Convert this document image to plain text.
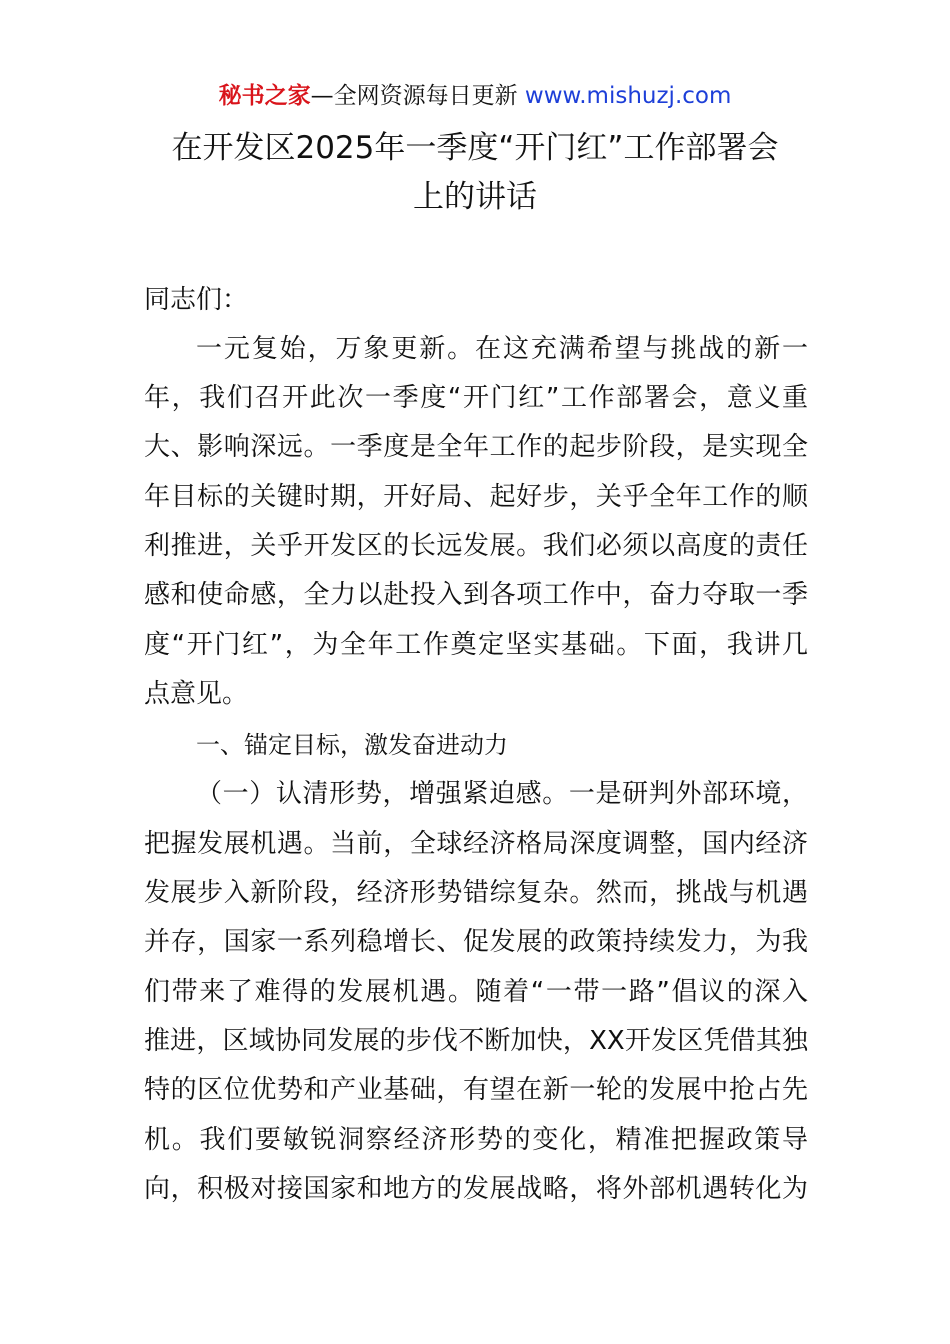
秘书之家—全网资源每日更新 www.mishuzj.com
在开发区2025年一季度“开门红”工作部署会
上的讲话
同志们：
一元复始，万象更新。在这充满希望与挑战的新一
年，我们召开此次一季度“开门红”工作部署会，意义重
大、影响深远。一季度是全年工作的起步阶段，是实现全
年目标的关键时期，开好局、起好步，关乎全年工作的顺
利推进，关乎开发区的长远发展。我们必须以高度的责任
感和使命感，全力以赴投入到各项工作中，奋力夺取一季
度“开门红”，为全年工作奠定坚实基础。下面，我讲几
点意见。
一、锚定目标，激发奋进动力
（一）认清形势，增强紧迫感。一是研判外部环境，
把握发展机遇。当前，全球经济格局深度调整，国内经济
发展步入新阶段，经济形势错综复杂。然而，挑战与机遇
并存，国家一系列稳增长、促发展的政策持续发力，为我
们带来了难得的发展机遇。随着“一带一路”倡议的深入
推进，区域协同发展的步伐不断加快，XX开发区凭借其独
特的区位优势和产业基础，有望在新一轮的发展中抢占先
机。我们要敏锐洞察经济形势的变化，精准把握政策导
向，积极对接国家和地方的发展战略，将外部机遇转化为
